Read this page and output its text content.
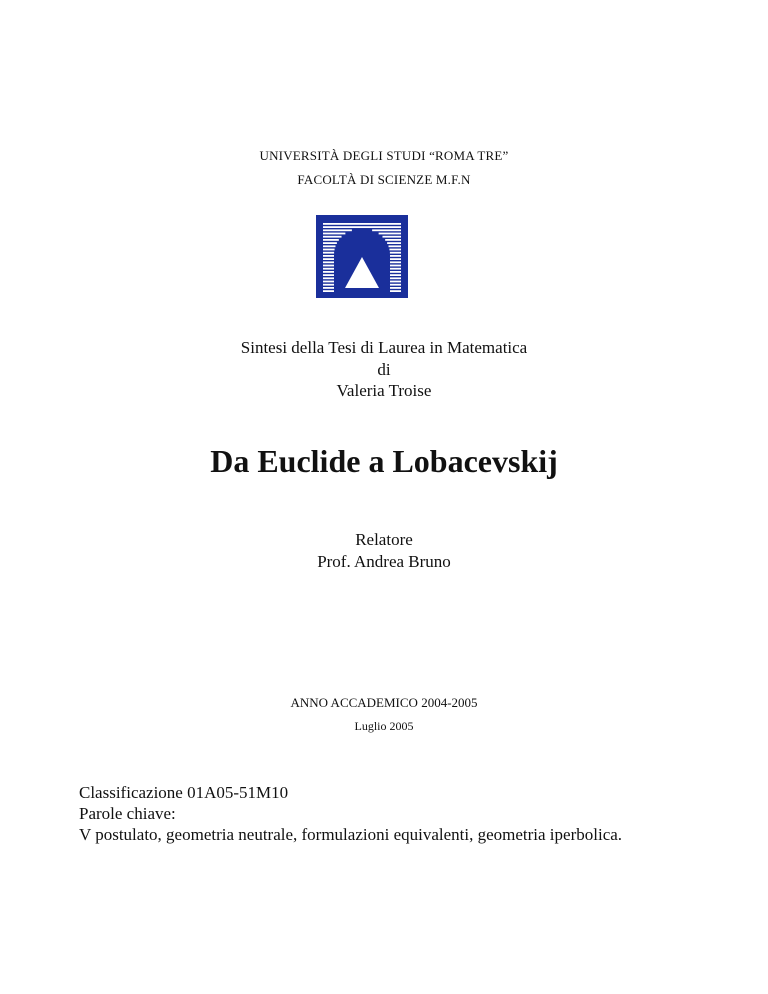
UNIVERSITÀ DEGLI STUDI “ROMA TRE”
FACOLTÀ DI SCIENZE M.F.N
Sintesi della Tesi di Laurea in Matematica
di
Valeria Troise
Da Euclide a Lobacevskij
Relatore
Prof. Andrea Bruno
ANNO ACCADEMICO 2004-2005
Luglio 2005
Classificazione 01A05-51M10
Parole chiave:
V postulato, geometria neutrale, formulazioni equivalenti, geometria iperbolica.
